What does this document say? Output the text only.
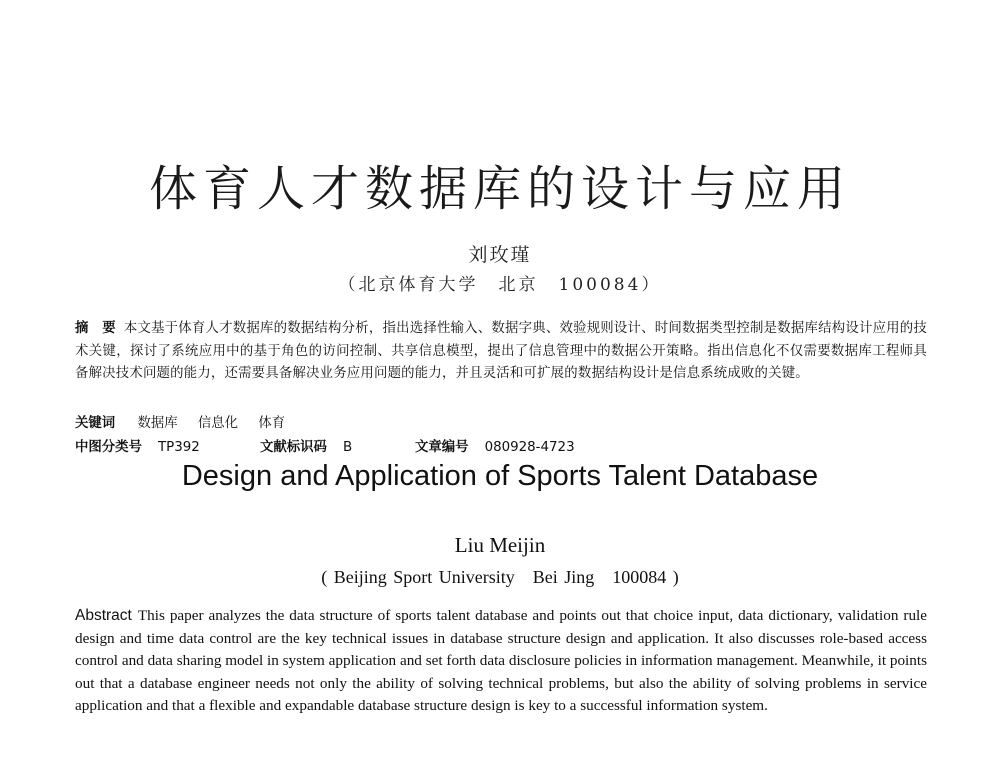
体育人才数据库的设计与应用
刘玫瑾
（北京体育大学　北京　100084）
摘　要 本文基于体育人才数据库的数据结构分析，指出选择性输入、数据字典、效验规则设计、时间数据类型控制是数据库结构设计应用的技术关键，探讨了系统应用中的基于角色的访问控制、共享信息模型，提出了信息管理中的数据公开策略。指出信息化不仅需要数据库工程师具备解决技术问题的能力，还需要具备解决业务应用问题的能力，并且灵活和可扩展的数据结构设计是信息系统成败的关键。
关键词 数据库 信息化 体育
中图分类号 TP392	文献标识码 B	文章编号 080928-4723
Design and Application of Sports Talent Database
Liu Meijin
( Beijing Sport University　Bei Jing　100084 )
Abstract This paper analyzes the data structure of sports talent database and points out that choice input, data dictionary, validation rule design and time data control are the key technical issues in database structure design and application. It also discusses role-based access control and data sharing model in system application and set forth data disclosure policies in information management. Meanwhile, it points out that a database engineer needs not only the ability of solving technical problems, but also the ability of solving problems in service application and that a flexible and expandable database structure design is key to a successful information system.
